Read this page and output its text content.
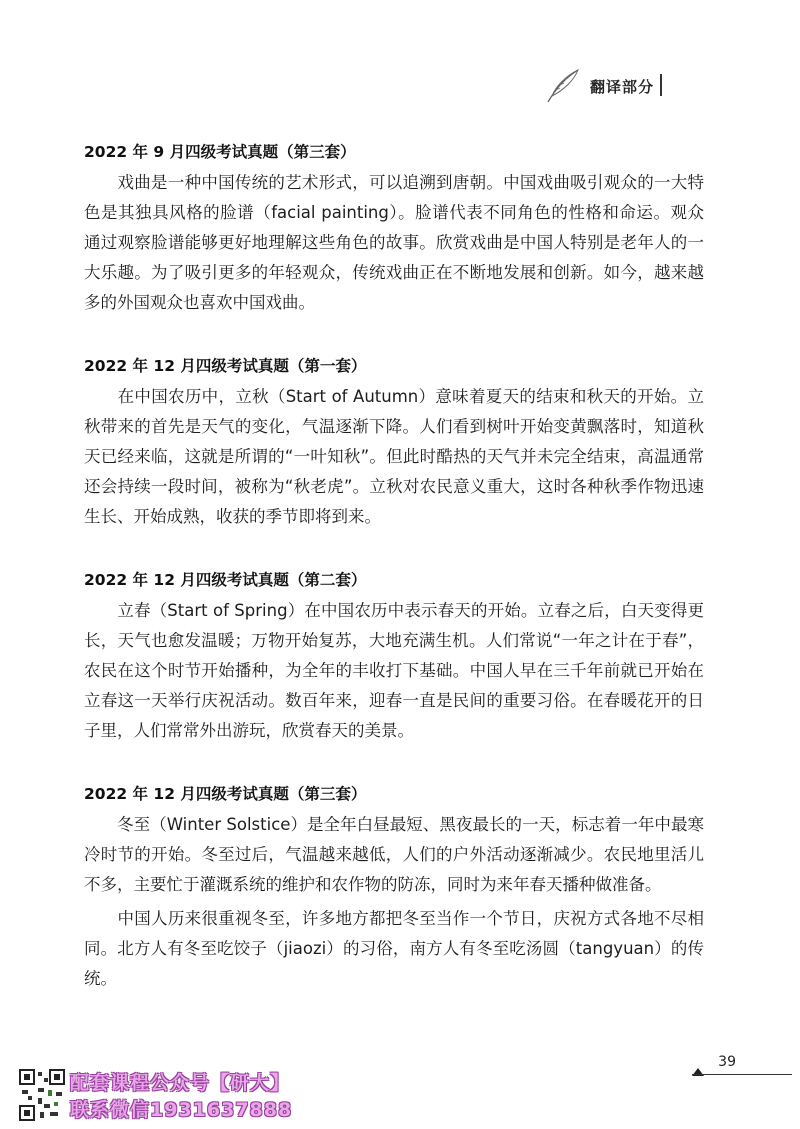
翻译部分

2022 年 9 月四级考试真题（第三套）

　　戏曲是一种中国传统的艺术形式，可以追溯到唐朝。中国戏曲吸引观众的一大特色是其独具风格的脸谱（facial painting）。脸谱代表不同角色的性格和命运。观众通过观察脸谱能够更好地理解这些角色的故事。欣赏戏曲是中国人特别是老年人的一大乐趣。为了吸引更多的年轻观众，传统戏曲正在不断地发展和创新。如今，越来越多的外国观众也喜欢中国戏曲。

2022 年 12 月四级考试真题（第一套）

　　在中国农历中，立秋（Start of Autumn）意味着夏天的结束和秋天的开始。立秋带来的首先是天气的变化，气温逐渐下降。人们看到树叶开始变黄飘落时，知道秋天已经来临，这就是所谓的“一叶知秋”。但此时酷热的天气并未完全结束，高温通常还会持续一段时间，被称为“秋老虎”。立秋对农民意义重大，这时各种秋季作物迅速生长、开始成熟，收获的季节即将到来。

2022 年 12 月四级考试真题（第二套）

　　立春（Start of Spring）在中国农历中表示春天的开始。立春之后，白天变得更长，天气也愈发温暖；万物开始复苏，大地充满生机。人们常说“一年之计在于春”，农民在这个时节开始播种，为全年的丰收打下基础。中国人早在三千年前就已开始在立春这一天举行庆祝活动。数百年来，迎春一直是民间的重要习俗。在春暖花开的日子里，人们常常外出游玩，欣赏春天的美景。

2022 年 12 月四级考试真题（第三套）

　　冬至（Winter Solstice）是全年白昼最短、黑夜最长的一天，标志着一年中最寒冷时节的开始。冬至过后，气温越来越低，人们的户外活动逐渐减少。农民地里活儿不多，主要忙于灌溉系统的维护和农作物的防冻，同时为来年春天播种做准备。

　　中国人历来很重视冬至，许多地方都把冬至当作一个节日，庆祝方式各地不尽相同。北方人有冬至吃饺子（jiaozi）的习俗，南方人有冬至吃汤圆（tangyuan）的传统。

39
配套课程公众号【研大】
联系微信1931637888
